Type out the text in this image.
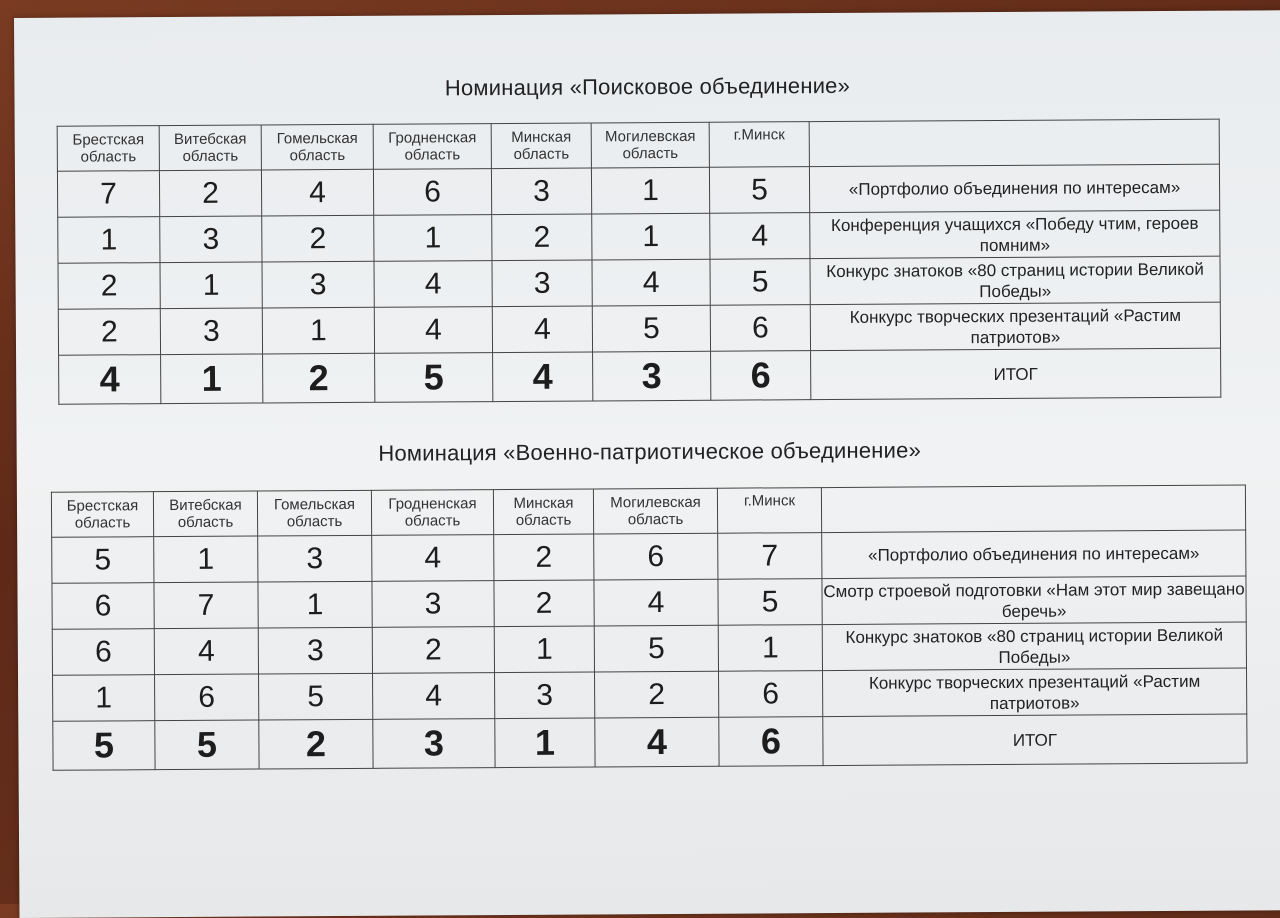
Номинация «Поисковое объединение»
Брестская область	Витебская область	Гомельская область	Гродненская область	Минская область	Могилевская область	г.Минск	
7	2	4	6	3	1	5	«Портфолио объединения по интересам»
1	3	2	1	2	1	4	Конференция учащихся «Победу чтим, героев помним»
2	1	3	4	3	4	5	Конкурс знатоков «80 страниц истории Великой Победы»
2	3	1	4	4	5	6	Конкурс творческих презентаций «Растим патриотов»
4	1	2	5	4	3	6	ИТОГ
Номинация «Военно-патриотическое объединение»
Брестская область	Витебская область	Гомельская область	Гродненская область	Минская область	Могилевская область	г.Минск	
5	1	3	4	2	6	7	«Портфолио объединения по интересам»
6	7	1	3	2	4	5	Смотр строевой подготовки «Нам этот мир завещано беречь»
6	4	3	2	1	5	1	Конкурс знатоков «80 страниц истории Великой Победы»
1	6	5	4	3	2	6	Конкурс творческих презентаций «Растим патриотов»
5	5	2	3	1	4	6	ИТОГ
